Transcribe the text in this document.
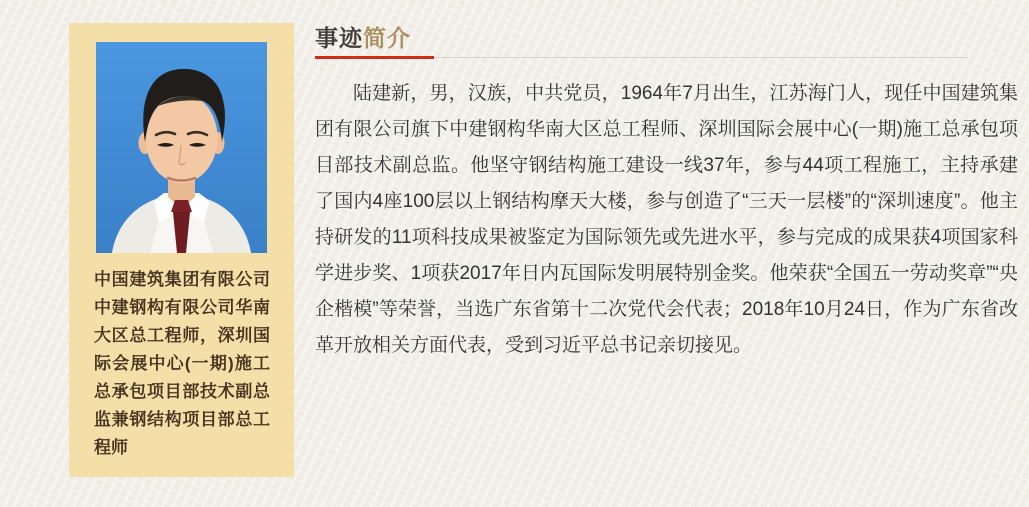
中国建筑集团有限公司中建钢构有限公司华南大区总工程师，深圳国际会展中心(一期)施工总承包项目部技术副总监兼钢结构项目部总工程师

事迹简介

陆建新，男，汉族，中共党员，1964年7月出生，江苏海门人，现任中国建筑集团有限公司旗下中建钢构华南大区总工程师、深圳国际会展中心(一期)施工总承包项目部技术副总监。他坚守钢结构施工建设一线37年，参与44项工程施工，主持承建了国内4座100层以上钢结构摩天大楼，参与创造了“三天一层楼”的“深圳速度”。他主持研发的11项科技成果被鉴定为国际领先或先进水平，参与完成的成果获4项国家科学进步奖、1项获2017年日内瓦国际发明展特别金奖。他荣获“全国五一劳动奖章”“央企楷模”等荣誉，当选广东省第十二次党代会代表；2018年10月24日，作为广东省改革开放相关方面代表，受到习近平总书记亲切接见。
